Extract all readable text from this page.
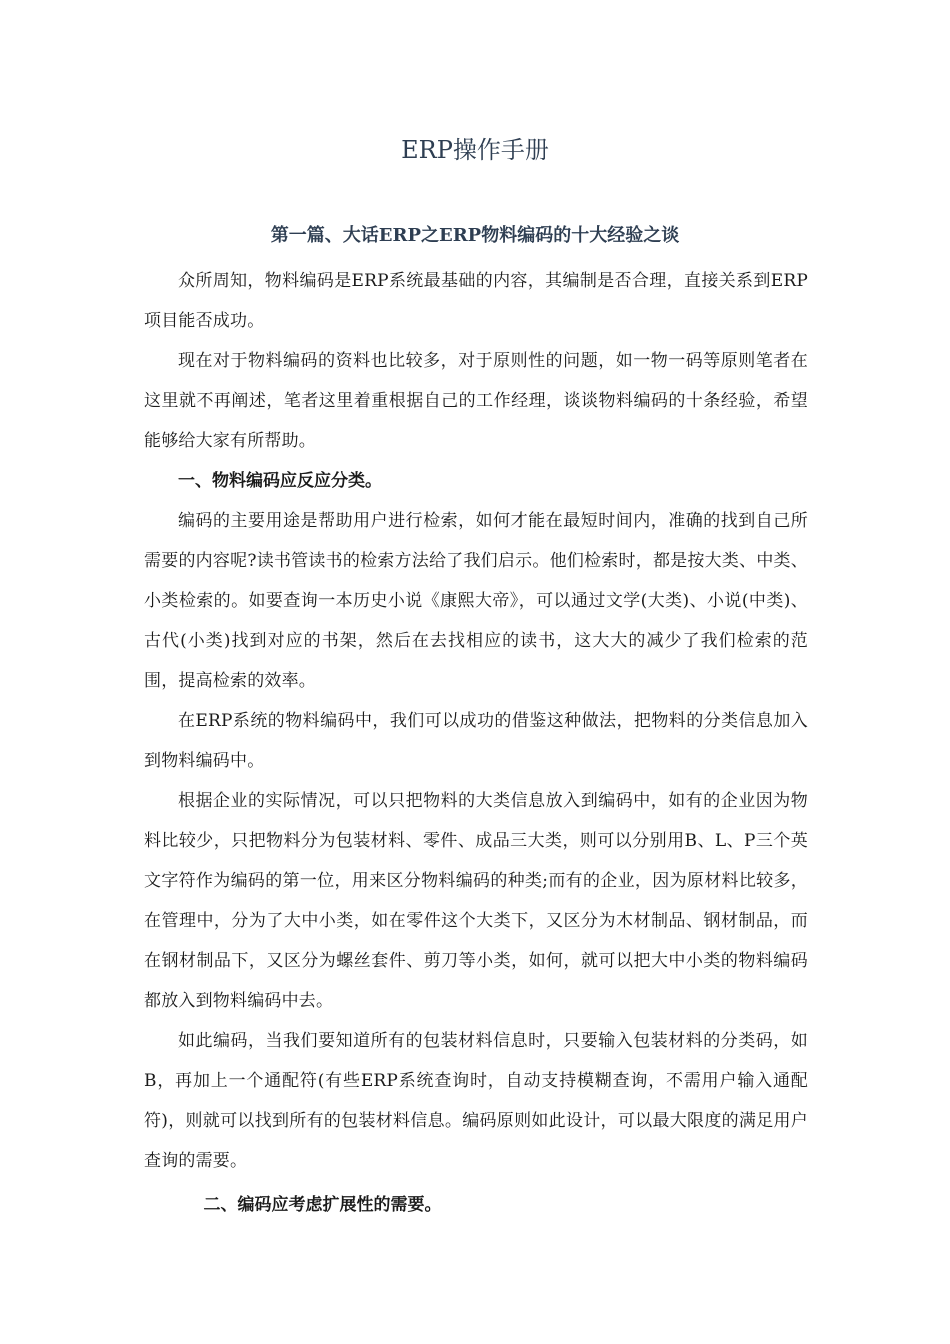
ERP操作手册
第一篇、大话ERP之ERP物料编码的十大经验之谈

众所周知，物料编码是ERP系统最基础的内容，其编制是否合理，直接关系到ERP项目能否成功。

现在对于物料编码的资料也比较多，对于原则性的问题，如一物一码等原则笔者在这里就不再阐述，笔者这里着重根据自己的工作经理，谈谈物料编码的十条经验，希望能够给大家有所帮助。

一、物料编码应反应分类。

编码的主要用途是帮助用户进行检索，如何才能在最短时间内，准确的找到自己所需要的内容呢?读书管读书的检索方法给了我们启示。他们检索时，都是按大类、中类、小类检索的。如要查询一本历史小说《康熙大帝》，可以通过文学(大类)、小说(中类)、古代(小类)找到对应的书架，然后在去找相应的读书，这大大的减少了我们检索的范围，提高检索的效率。

在ERP系统的物料编码中，我们可以成功的借鉴这种做法，把物料的分类信息加入到物料编码中。

根据企业的实际情况，可以只把物料的大类信息放入到编码中，如有的企业因为物料比较少，只把物料分为包装材料、零件、成品三大类，则可以分别用B、L、P三个英文字符作为编码的第一位，用来区分物料编码的种类;而有的企业，因为原材料比较多，在管理中，分为了大中小类，如在零件这个大类下，又区分为木材制品、钢材制品，而在钢材制品下，又区分为螺丝套件、剪刀等小类，如何，就可以把大中小类的物料编码都放入到物料编码中去。

如此编码，当我们要知道所有的包装材料信息时，只要输入包装材料的分类码，如B，再加上一个通配符(有些ERP系统查询时，自动支持模糊查询，不需用户输入通配符)，则就可以找到所有的包装材料信息。编码原则如此设计，可以最大限度的满足用户查询的需要。

二、编码应考虑扩展性的需要。
